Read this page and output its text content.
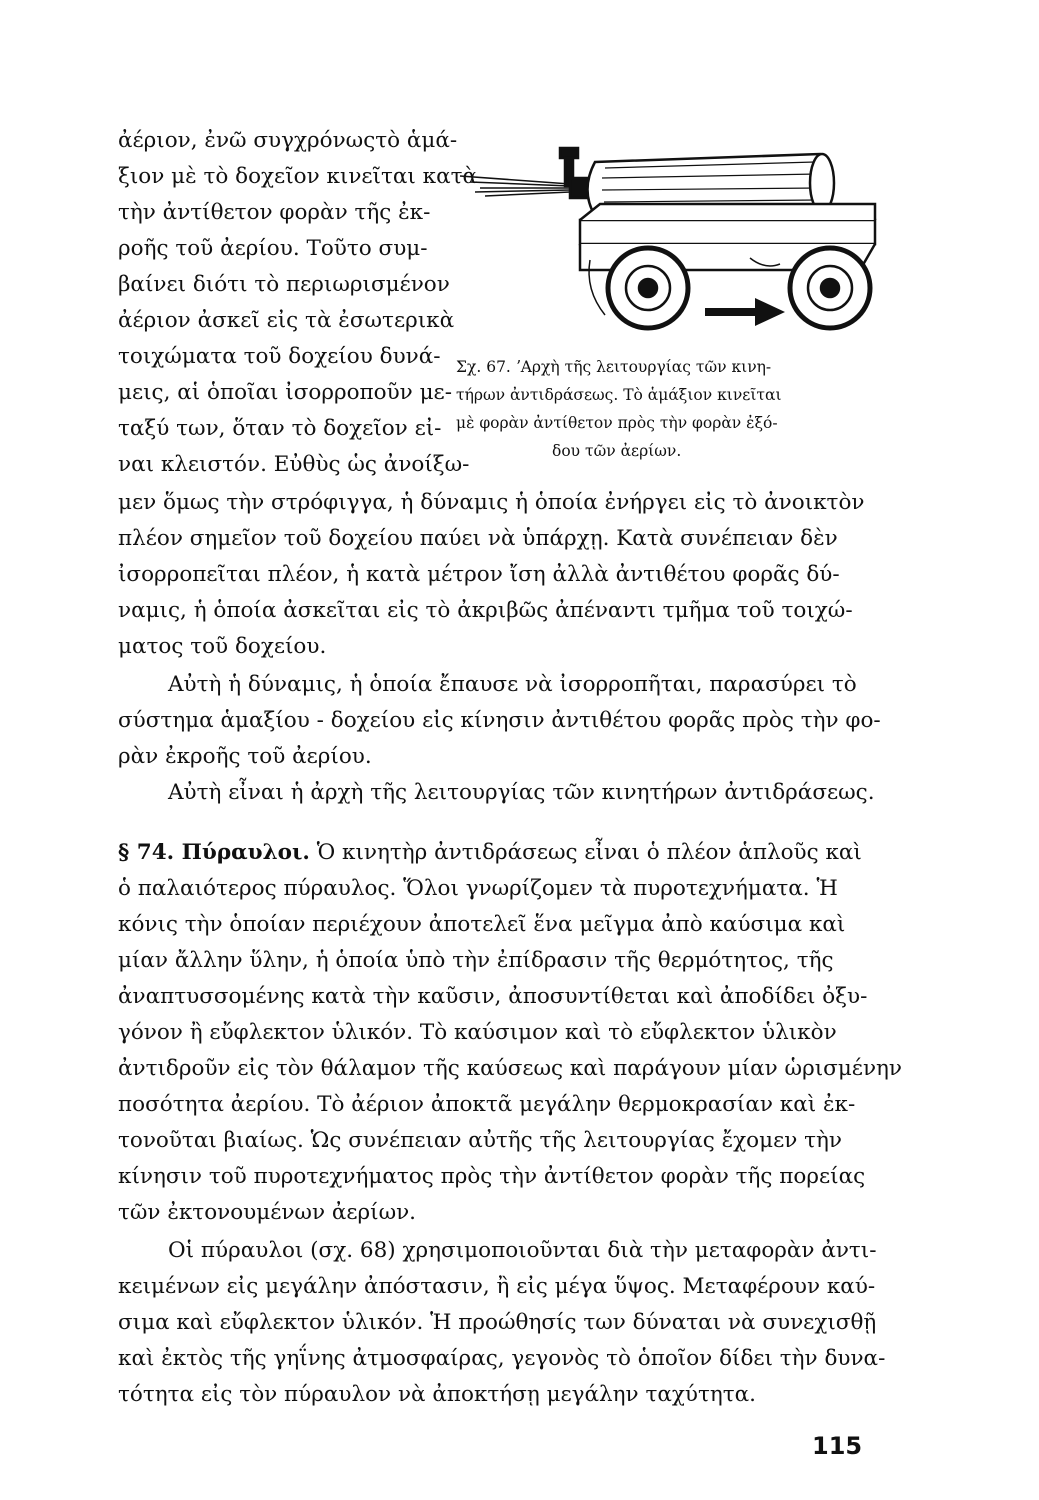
ἀέριον, ἐνῶ συγχρόνωςτὸ ἁμά-
ξιον μὲ τὸ δοχεῖον κινεῖται κατὰ
τὴν ἀντίθετον φορὰν τῆς ἐκ-
ροῆς τοῦ ἀερίου. Τοῦτο συμ-
βαίνει διότι τὸ περιωρισμένον
ἀέριον ἀσκεῖ εἰς τὰ ἐσωτερικὰ
τοιχώματα τοῦ δοχείου δυνά-
μεις, αἱ ὁποῖαι ἰσορροποῦν με-
ταξύ των, ὅταν τὸ δοχεῖον εἰ-
ναι κλειστόν. Εὐθὺς ὡς ἀνοίξω-
Σχ. 67. ʼΑρχὴ τῆς λειτουργίας τῶν κινη-
τήρων ἀντιδράσεως. Τὸ ἁμάξιον κινεῖται
μὲ φορὰν ἀντίθετον πρὸς τὴν φορὰν ἐξό-
δου τῶν ἀερίων.
μεν ὅμως τὴν στρόφιγγα, ἡ δύναμις ἡ ὁποία ἐνήργει εἰς τὸ ἀνοικτὸν
πλέον σημεῖον τοῦ δοχείου παύει νὰ ὑπάρχῃ. Κατὰ συνέπειαν δὲν
ἰσορροπεῖται πλέον, ἡ κατὰ μέτρον ἴση ἀλλὰ ἀντιθέτου φορᾶς δύ-
ναμις, ἡ ὁποία ἀσκεῖται εἰς τὸ ἀκριβῶς ἀπέναντι τμῆμα τοῦ τοιχώ-
ματος τοῦ δοχείου.
Αὐτὴ ἡ δύναμις, ἡ ὁποία ἔπαυσε νὰ ἰσορροπῆται, παρασύρει τὸ
σύστημα ἁμαξίου - δοχείου εἰς κίνησιν ἀντιθέτου φορᾶς πρὸς τὴν φο-
ρὰν ἐκροῆς τοῦ ἀερίου.
Αὐτὴ εἶναι ἡ ἀρχὴ τῆς λειτουργίας τῶν κινητήρων ἀντιδράσεως.
§ 74. Πύραυλοι. Ὁ κινητὴρ ἀντιδράσεως εἶναι ὁ πλέον ἁπλοῦς καὶ
ὁ παλαιότερος πύραυλος. Ὅλοι γνωρίζομεν τὰ πυροτεχνήματα. Ἡ
κόνις τὴν ὁποίαν περιέχουν ἀποτελεῖ ἕνα μεῖγμα ἀπὸ καύσιμα καὶ
μίαν ἄλλην ὕλην, ἡ ὁποία ὑπὸ τὴν ἐπίδρασιν τῆς θερμότητος, τῆς
ἀναπτυσσομένης κατὰ τὴν καῦσιν, ἀποσυντίθεται καὶ ἀποδίδει ὀξυ-
γόνον ἢ εὔφλεκτον ὑλικόν. Τὸ καύσιμον καὶ τὸ εὔφλεκτον ὑλικὸν
ἀντιδροῦν εἰς τὸν θάλαμον τῆς καύσεως καὶ παράγουν μίαν ὡρισμένην
ποσότητα ἀερίου. Τὸ ἀέριον ἀποκτᾶ μεγάλην θερμοκρασίαν καὶ ἐκ-
τονοῦται βιαίως. Ὡς συνέπειαν αὐτῆς τῆς λειτουργίας ἔχομεν τὴν
κίνησιν τοῦ πυροτεχνήματος πρὸς τὴν ἀντίθετον φορὰν τῆς πορείας
τῶν ἐκτονουμένων ἀερίων.
Οἱ πύραυλοι (σχ. 68) χρησιμοποιοῦνται διὰ τὴν μεταφορὰν ἀντι-
κειμένων εἰς μεγάλην ἀπόστασιν, ἢ εἰς μέγα ὕψος. Μεταφέρουν καύ-
σιμα καὶ εὔφλεκτον ὑλικόν. Ἡ προώθησίς των δύναται νὰ συνεχισθῇ
καὶ ἐκτὸς τῆς γηΐνης ἀτμοσφαίρας, γεγονὸς τὸ ὁποῖον δίδει τὴν δυνα-
τότητα εἰς τὸν πύραυλον νὰ ἀποκτήσῃ μεγάλην ταχύτητα.
115
